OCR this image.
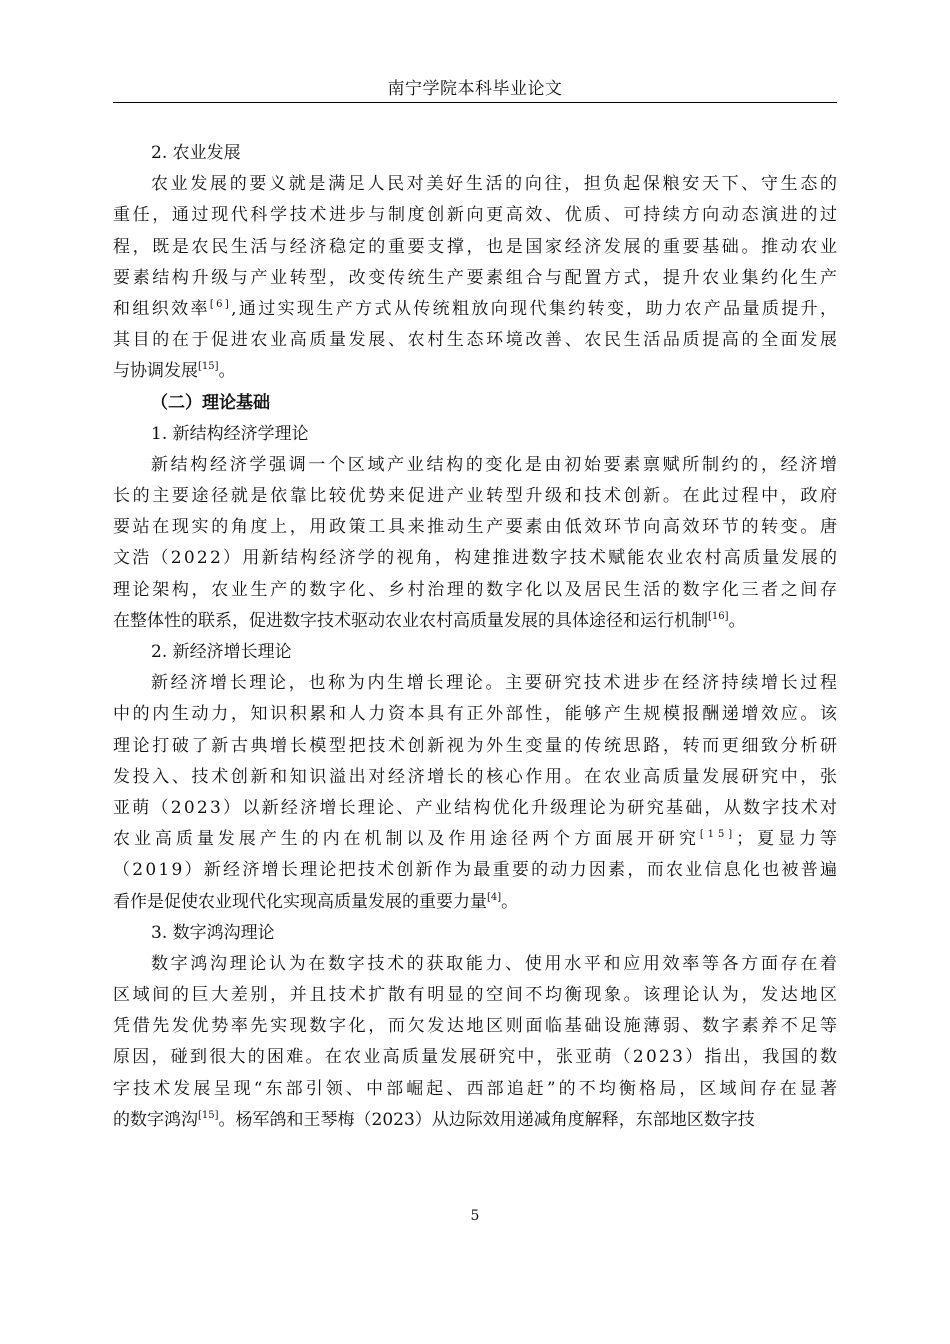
南宁学院本科毕业论文
2. 农业发展
农业发展的要义就是满足人民对美好生活的向往，担负起保粮安天下、守生态的
重任，通过现代科学技术进步与制度创新向更高效、优质、可持续方向动态演进的过
程，既是农民生活与经济稳定的重要支撑，也是国家经济发展的重要基础。推动农业
要素结构升级与产业转型，改变传统生产要素组合与配置方式，提升农业集约化生产
和组织效率[6],通过实现生产方式从传统粗放向现代集约转变，助力农产品量质提升，
其目的在于促进农业高质量发展、农村生态环境改善、农民生活品质提高的全面发展
与协调发展[15]。
（二）理论基础
1. 新结构经济学理论
新结构经济学强调一个区域产业结构的变化是由初始要素禀赋所制约的，经济增
长的主要途径就是依靠比较优势来促进产业转型升级和技术创新。在此过程中，政府
要站在现实的角度上，用政策工具来推动生产要素由低效环节向高效环节的转变。唐
文浩（2022）用新结构经济学的视角，构建推进数字技术赋能农业农村高质量发展的
理论架构，农业生产的数字化、乡村治理的数字化以及居民生活的数字化三者之间存
在整体性的联系，促进数字技术驱动农业农村高质量发展的具体途径和运行机制[16]。
2. 新经济增长理论
新经济增长理论，也称为内生增长理论。主要研究技术进步在经济持续增长过程
中的内生动力，知识积累和人力资本具有正外部性，能够产生规模报酬递增效应。该
理论打破了新古典增长模型把技术创新视为外生变量的传统思路，转而更细致分析研
发投入、技术创新和知识溢出对经济增长的核心作用。在农业高质量发展研究中，张
亚萌（2023）以新经济增长理论、产业结构优化升级理论为研究基础，从数字技术对
农业高质量发展产生的内在机制以及作用途径两个方面展开研究[15]；夏显力等
（2019）新经济增长理论把技术创新作为最重要的动力因素，而农业信息化也被普遍
看作是促使农业现代化实现高质量发展的重要力量[4]。
3. 数字鸿沟理论
数字鸿沟理论认为在数字技术的获取能力、使用水平和应用效率等各方面存在着
区域间的巨大差别，并且技术扩散有明显的空间不均衡现象。该理论认为，发达地区
凭借先发优势率先实现数字化，而欠发达地区则面临基础设施薄弱、数字素养不足等
原因，碰到很大的困难。在农业高质量发展研究中，张亚萌（2023）指出，我国的数
字技术发展呈现“东部引领、中部崛起、西部追赶”的不均衡格局，区域间存在显著
的数字鸿沟[15]。杨军鸽和王琴梅（2023）从边际效用递减角度解释，东部地区数字技
5
